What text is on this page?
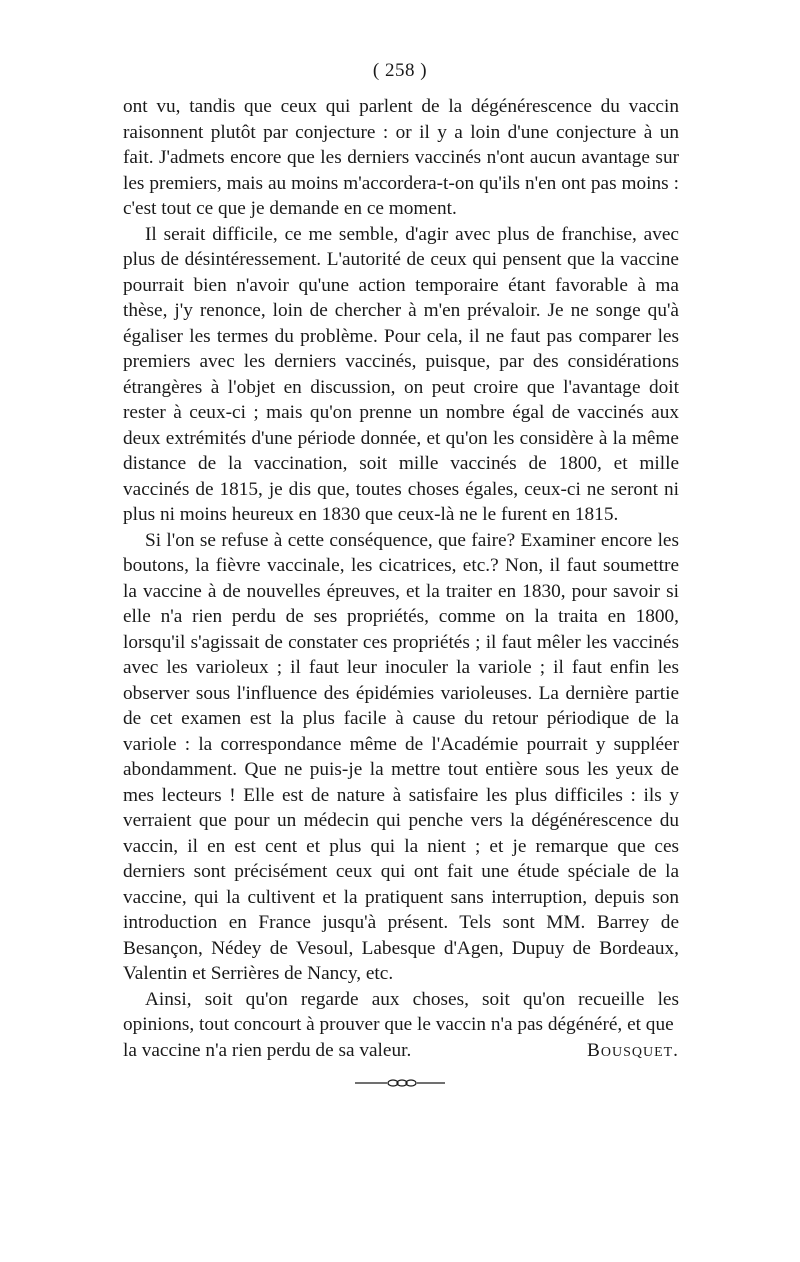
( 258 )

ont vu, tandis que ceux qui parlent de la dégénérescence du vaccin raisonnent plutôt par conjecture : or il y a loin d'une conjecture à un fait. J'admets encore que les derniers vaccinés n'ont aucun avantage sur les premiers, mais au moins m'accordera-t-on qu'ils n'en ont pas moins : c'est tout ce que je demande en ce moment.

Il serait difficile, ce me semble, d'agir avec plus de franchise, avec plus de désintéressement. L'autorité de ceux qui pensent que la vaccine pourrait bien n'avoir qu'une action temporaire étant favorable à ma thèse, j'y renonce, loin de chercher à m'en prévaloir. Je ne songe qu'à égaliser les termes du problème. Pour cela, il ne faut pas comparer les premiers avec les derniers vaccinés, puisque, par des considérations étrangères à l'objet en discussion, on peut croire que l'avantage doit rester à ceux-ci ; mais qu'on prenne un nombre égal de vaccinés aux deux extrémités d'une période donnée, et qu'on les considère à la même distance de la vaccination, soit mille vaccinés de 1800, et mille vaccinés de 1815, je dis que, toutes choses égales, ceux-ci ne seront ni plus ni moins heureux en 1830 que ceux-là ne le furent en 1815.

Si l'on se refuse à cette conséquence, que faire? Examiner encore les boutons, la fièvre vaccinale, les cicatrices, etc.? Non, il faut soumettre la vaccine à de nouvelles épreuves, et la traiter en 1830, pour savoir si elle n'a rien perdu de ses propriétés, comme on la traita en 1800, lorsqu'il s'agissait de constater ces propriétés ; il faut mêler les vaccinés avec les varioleux ; il faut leur inoculer la variole ; il faut enfin les observer sous l'influence des épidémies varioleuses. La dernière partie de cet examen est la plus facile à cause du retour périodique de la variole : la correspondance même de l'Académie pourrait y suppléer abondamment. Que ne puis-je la mettre tout entière sous les yeux de mes lecteurs ! Elle est de nature à satisfaire les plus difficiles : ils y verraient que pour un médecin qui penche vers la dégénérescence du vaccin, il en est cent et plus qui la nient ; et je remarque que ces derniers sont précisément ceux qui ont fait une étude spéciale de la vaccine, qui la cultivent et la pratiquent sans interruption, depuis son introduction en France jusqu'à présent. Tels sont MM. Barrey de Besançon, Nédey de Vesoul, Labesque d'Agen, Dupuy de Bordeaux, Valentin et Serrières de Nancy, etc.

Ainsi, soit qu'on regarde aux choses, soit qu'on recueille les opinions, tout concourt à prouver que le vaccin n'a pas dégénéré, et que

la vaccine n'a rien perdu de sa valeur.	Bousquet.
